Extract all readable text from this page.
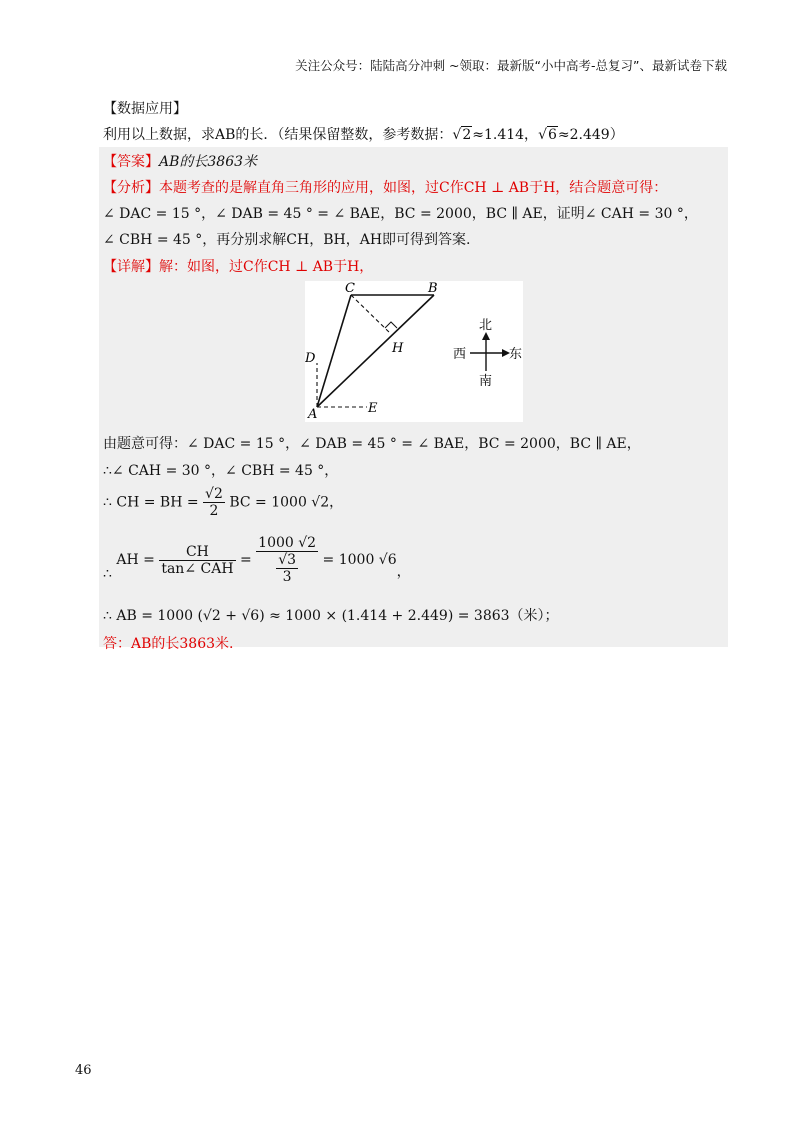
关注公众号：陆陆高分冲刺 ~领取：最新版“小中高考-总复习”、最新试卷下载
【数据应用】
利用以上数据，求AB的长．（结果保留整数，参考数据：√2≈1.414，√6≈2.449）
【答案】AB的长3863米
【分析】本题考查的是解直角三角形的应用，如图，过C作CH ⊥ AB于H，结合题意可得：
∠ DAC = 15 °，∠ DAB = 45 ° = ∠ BAE，BC = 2000，BC ∥ AE，证明∠ CAH = 30 °，
∠ CBH = 45 °，再分别求解CH，BH，AH即可得到答案.
【详解】解：如图，过C作CH ⊥ AB于H，
C	B
H
D
A	E
北
南
西	东
由题意可得：∠ DAC = 15 °，∠ DAB = 45 ° = ∠ BAE，BC = 2000，BC ∥ AE，
∴∠ CAH = 30 °，∠ CBH = 45 °，
∴ CH = BH = $\frac{√2}{2}$ BC = 1000 √2，
∴ AH = $\frac{CH}{\text{tan∠ CAH}} = \frac{1000 √2}{\frac{√3}{3}} = 1000$ √6，
∴ AB = 1000 (√2 + √6) ≈ 1000 × (1.414 + 2.449) = 3863（米）；
答：AB的长3863米.
46
